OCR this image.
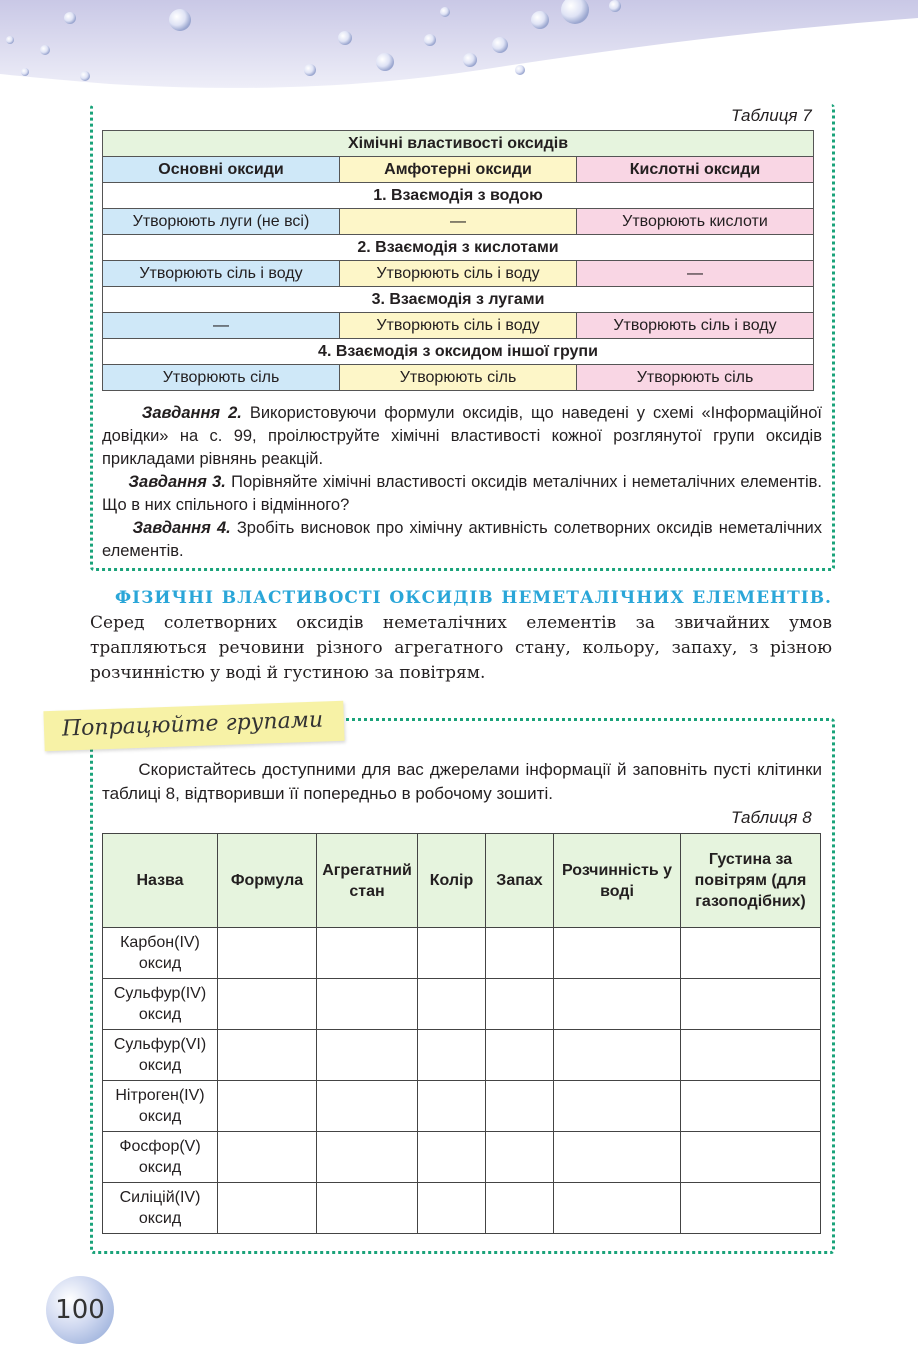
Таблиця 7
Хімічні властивості оксидів		
Основні оксиди	Амфотерні оксиди	Кислотні оксиди
1. Взаємодія з водою		
Утворюють луги (не всі)	—	Утворюють кислоти
2. Взаємодія з кислотами		
Утворюють сіль і воду	Утворюють сіль і воду	—
3. Взаємодія з лугами		
—	Утворюють сіль і воду	Утворюють сіль і воду
4. Взаємодія з оксидом іншої групи		
Утворюють сіль	Утворюють сіль	Утворюють сіль
Завдання 2. Використовуючи формули оксидів, що наведені у схемі «Інформаційної довідки» на с. 99, проілюструйте хімічні властивості кожної розглянутої групи оксидів прикладами рівнянь реакцій.
Завдання 3. Порівняйте хімічні властивості оксидів металічних і неметалічних елементів. Що в них спільного і відмінного?
Завдання 4. Зробіть висновок про хімічну активність солетворних оксидів неметалічних елементів.
ФІЗИЧНІ ВЛАСТИВОСТІ ОКСИДІВ НЕМЕТАЛІЧНИХ ЕЛЕМЕНТІВ. Серед солетворних оксидів неметалічних елементів за звичайних умов трапляються речовини різного агрегатного стану, кольору, запаху, з різною розчинністю у воді й густиною за повітрям.
Попрацюйте групами
Скористайтесь доступними для вас джерелами інформації й заповніть пусті клітинки таблиці 8, відтворивши її попередньо в робочому зошиті.
Таблиця 8
Назва	Формула	Агрегатний стан	Колір	Запах	Розчинність у воді	Густина за повітрям (для газоподібних)
Карбон(IV) оксид						
Сульфур(IV) оксид						
Сульфур(VI) оксид						
Нітроген(IV) оксид						
Фосфор(V) оксид						
Силіцій(IV) оксид						
100
